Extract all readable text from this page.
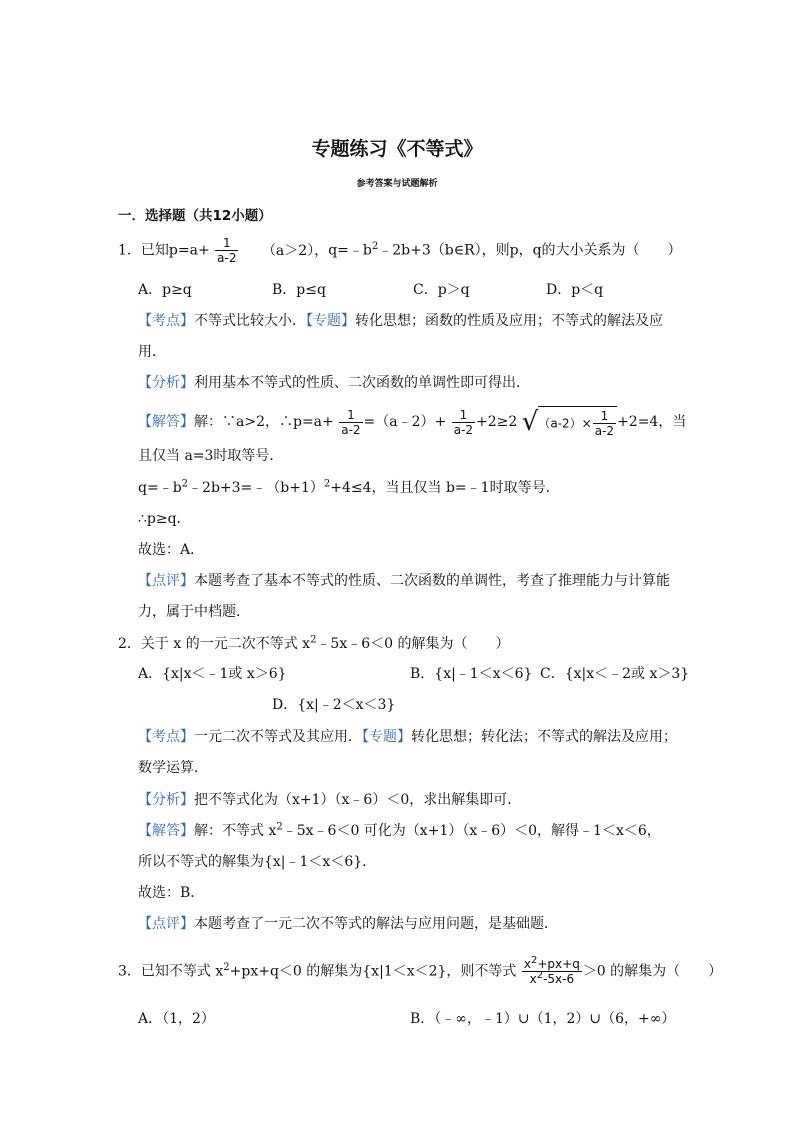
专题练习《不等式》
参考答案与试题解析
一．选择题（共12小题）
1．已知$p=a+ \frac{1}{a-2} (a>2)$，$q=﹣b^2﹣2b+3(b\in R)$，则p，q的大小关系为（　　）
A．p≥q	B．p≤q	C．p＞q	D．p＜q
【考点】不等式比较大小．【专题】转化思想；函数的性质及应用；不等式的解法及应
用．
【分析】利用基本不等式的性质、二次函数的单调性即可得出．
【解答】解：∵a>2，∴p=a+ $\frac{1}{a-2}$ =（a﹣2）+ $\frac{1}{a-2} +2\ge 2$ $√(a-2)\times \frac{1}{a-2} +2=4$，当
且仅当 a=3时取等号．
$q=﹣b^2﹣2b+3=﹣(b+1)^2+4\le 4$，当且仅当 b=﹣1时取等号．
∴p≥q．
故选：A．
【点评】本题考查了基本不等式的性质、二次函数的单调性，考查了推理能力与计算能
力，属于中档题．
2．关于 x 的一元二次不等式 $x^2﹣5x﹣6<0$ 的解集为（　　）
A．{x|x＜﹣1或 x＞6}	B．{x|﹣1＜x＜6} C．{x|x＜﹣2或 x＞3}
D．{x|﹣2＜x＜3}
【考点】一元二次不等式及其应用．【专题】转化思想；转化法；不等式的解法及应用；
数学运算．
【分析】把不等式化为（x+1）（x﹣6）＜0，求出解集即可．
【解答】解：不等式 $x^2﹣5x﹣6<0$ 可化为（x+1）（x﹣6）＜0，解得﹣1＜x＜6，
所以不等式的解集为{x|﹣1＜x＜6}．
故选：B．
【点评】本题考查了一元二次不等式的解法与应用问题，是基础题．
3．已知不等式 $x^2+px+q<0$ 的解集为{x|1＜x＜2}，则不等式 $\frac{x^2+px+q}{x^2-5x-6} >0$ 的解集为（　　）
A．（1，2）	B．（﹣∞，﹣1）∪（1，2）∪（6，+∞）
